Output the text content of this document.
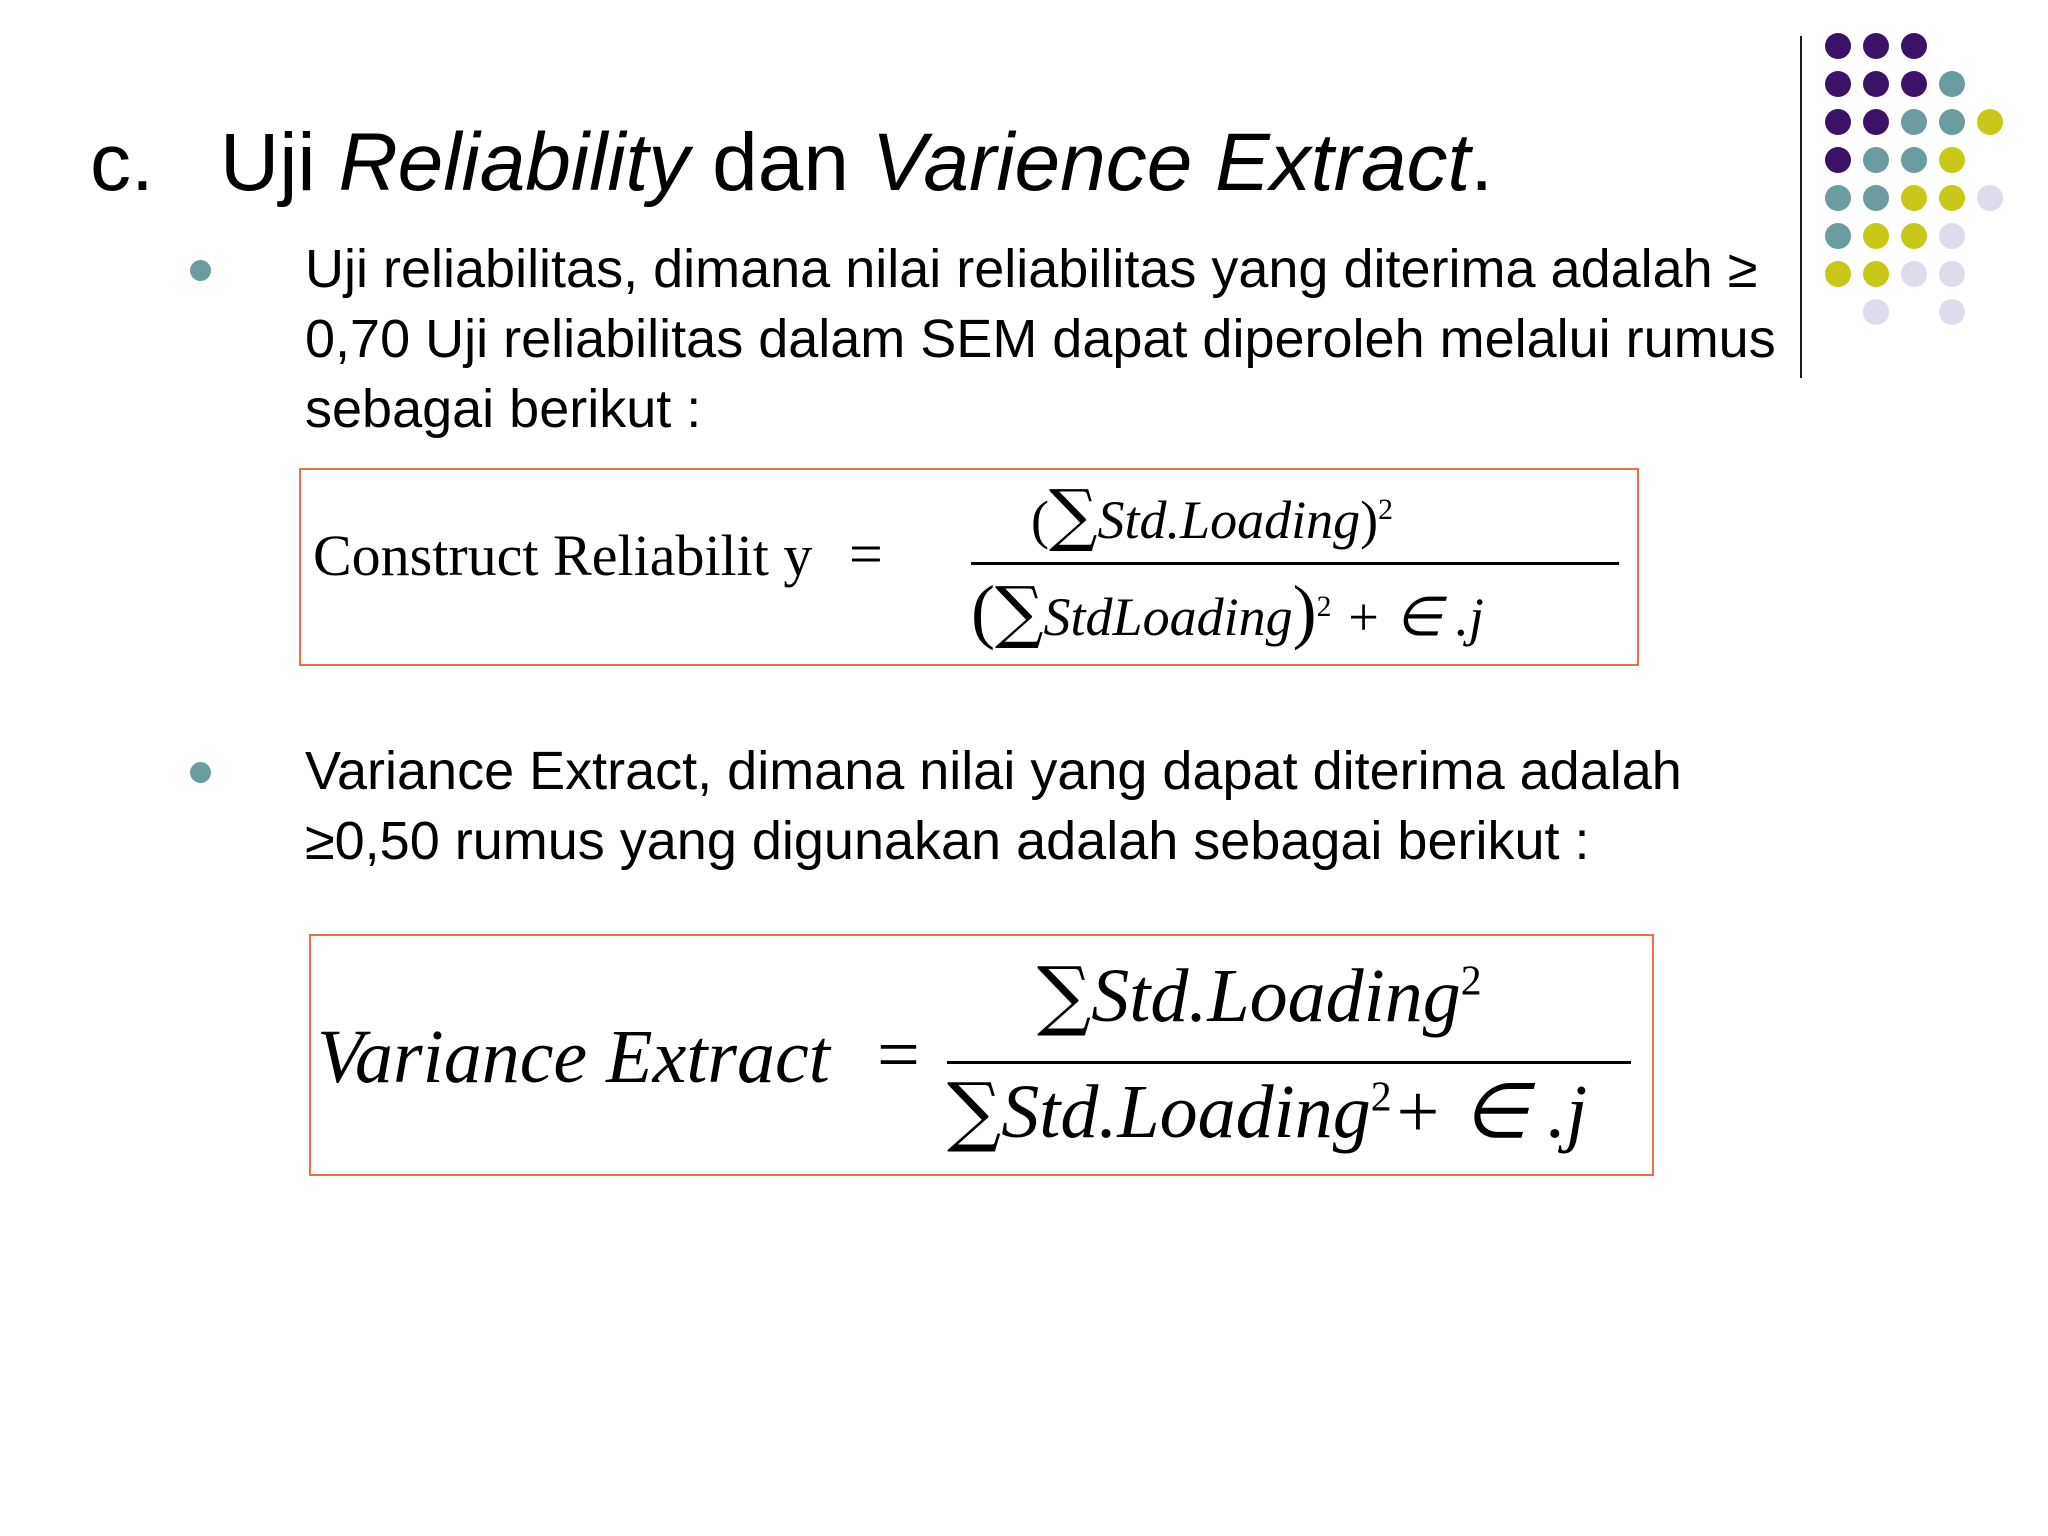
c. Uji Reliability dan Varience Extract.
Uji reliabilitas, dimana nilai reliabilitas yang diterima adalah ≥
0,70 Uji reliabilitas dalam SEM dapat diperoleh melalui rumus
sebagai berikut :
Construct Reliabilit y =
(∑Std.Loading)$^2$
(∑StdLoading)$^2$ + ∈ .j
Variance Extract, dimana nilai yang dapat diterima adalah
≥0,50 rumus yang digunakan adalah sebagai berikut :
Variance Extract =
∑Std.Loading$^2$
∑Std.Loading$^2$+ ∈ .j
